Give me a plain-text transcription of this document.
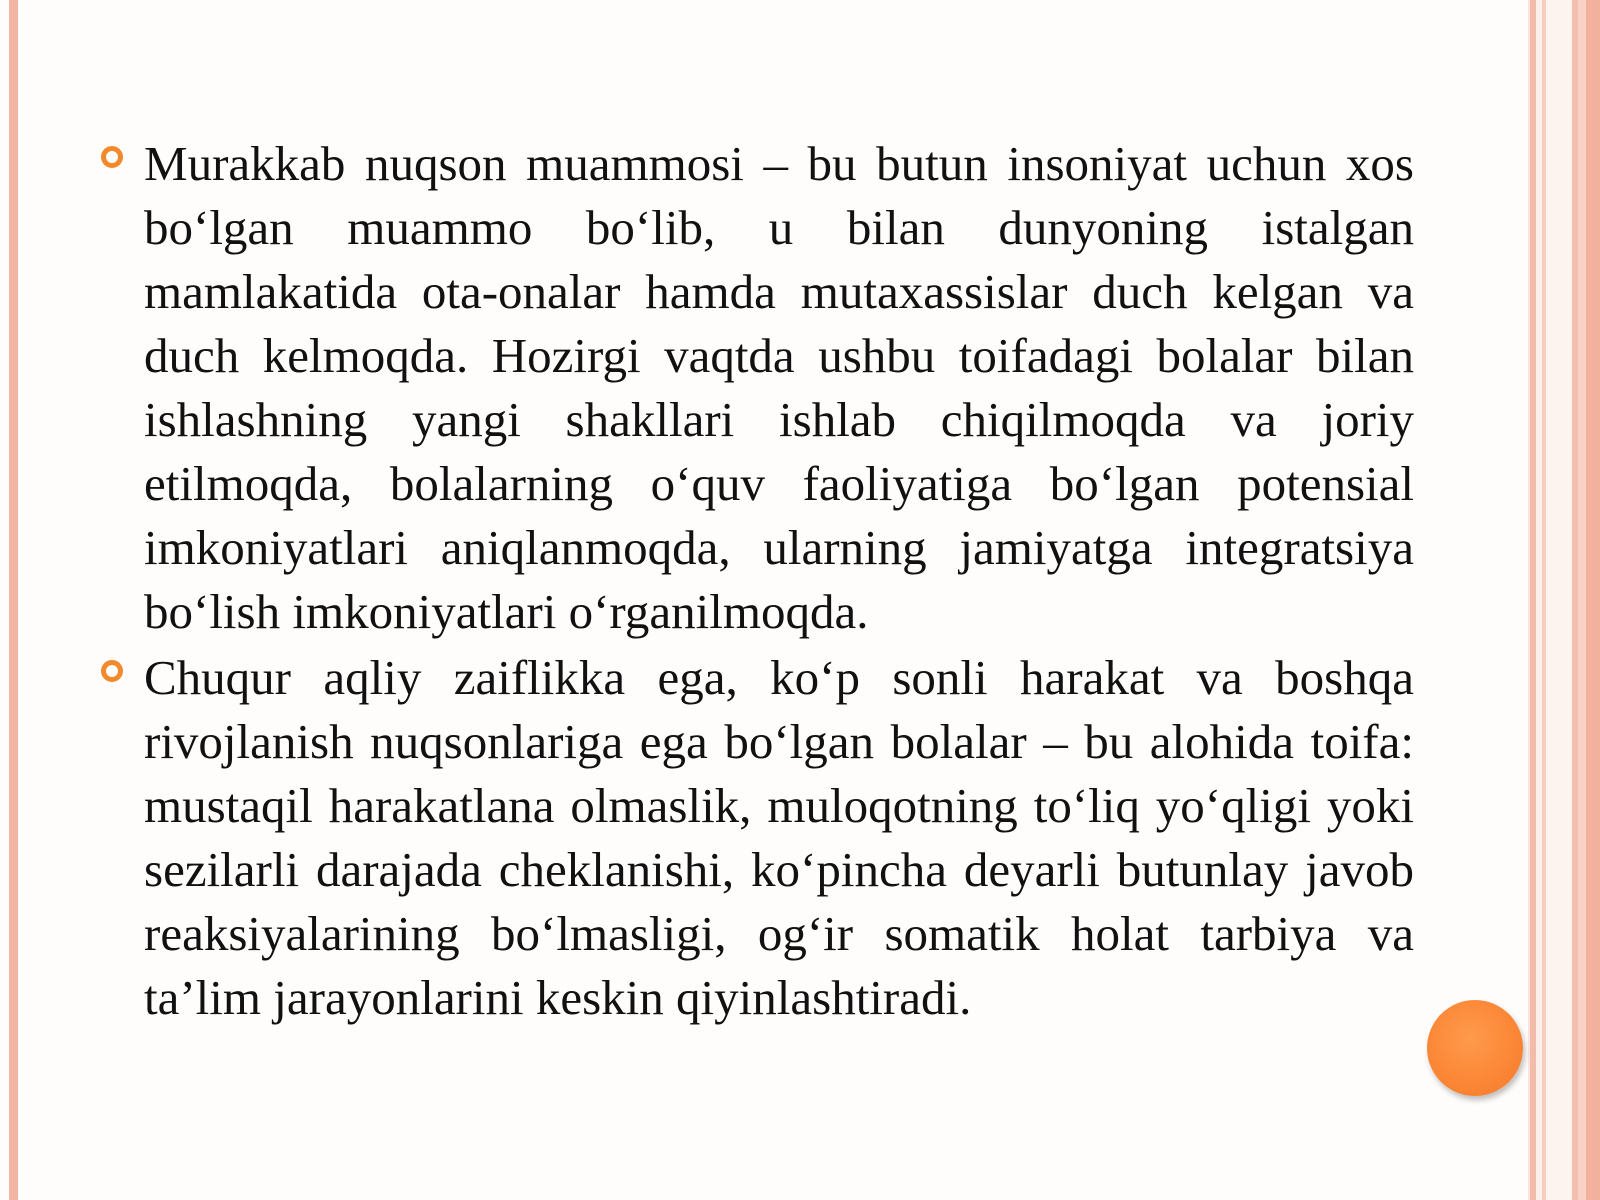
Murakkab nuqson muammosi – bu butun insoniyat uchun xos bo‘lgan muammo bo‘lib, u bilan dunyoning istalgan mamlakatida ota-onalar hamda mutaxassislar duch kelgan va duch kelmoqda. Hozirgi vaqtda ushbu toifadagi bolalar bilan ishlashning yangi shakllari ishlab chiqilmoqda va joriy etilmoqda, bolalarning o‘quv faoliyatiga bo‘lgan potensial imkoniyatlari aniqlanmoqda, ularning jamiyatga integratsiya bo‘lish imkoniyatlari o‘rganilmoqda.

Chuqur aqliy zaiflikka ega, ko‘p sonli harakat va boshqa rivojlanish nuqsonlariga ega bo‘lgan bolalar – bu alohida toifa: mustaqil harakatlana olmaslik, muloqotning to‘liq yo‘qligi yoki sezilarli darajada cheklanishi, ko‘pincha deyarli butunlay javob reaksiyalarining bo‘lmasligi, og‘ir somatik holat tarbiya va ta’lim jarayonlarini keskin qiyinlashtiradi.
